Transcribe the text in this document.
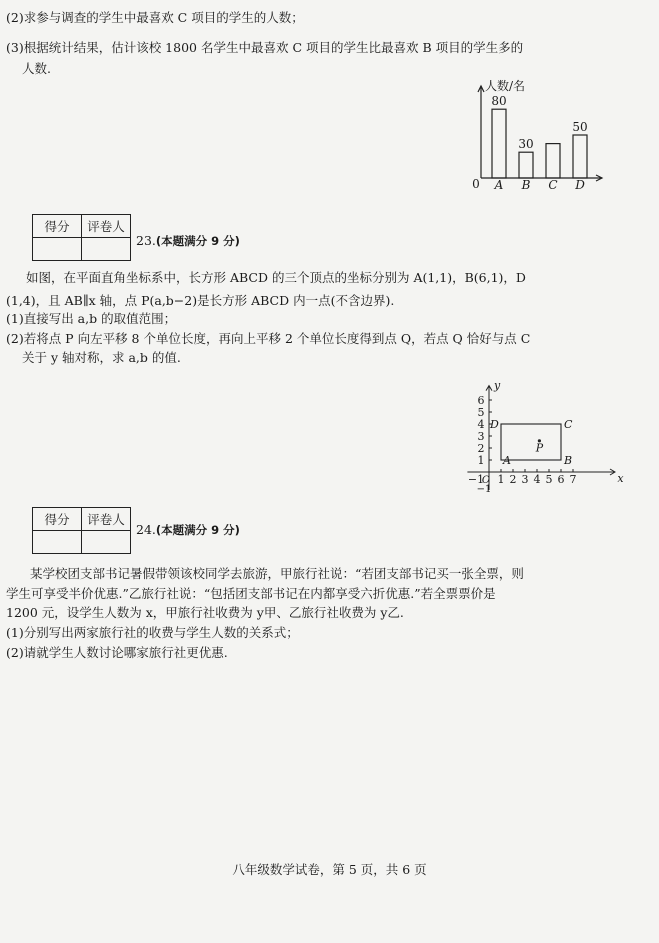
(2)求参与调查的学生中最喜欢 C 项目的学生的人数；
(3)根据统计结果，估计该校 1800 名学生中最喜欢 C 项目的学生比最喜欢 B 项目的学生多的
人数.
人数/名
0
80
A
30
B C
50
D
得分	评卷人

23.(本题满分 9 分)
如图，在平面直角坐标系中，长方形 ABCD 的三个顶点的坐标分别为 A(1,1)，B(6,1)，D
(1,4)，且 AB∥x 轴，点 P(a,b−2)是长方形 ABCD 内一点(不含边界).
(1)直接写出 a,b 的取值范围；
(2)若将点 P 向左平移 8 个单位长度，再向上平移 2 个单位长度得到点 Q，若点 Q 恰好与点 C
关于 y 轴对称，求 a,b 的值.
y
x
6
5
4
3
2
1
1 2 3 4 5 6 7
−1
O
−1
A	B
C
D
P
得分	评卷人

24.(本题满分 9 分)
某学校团支部书记暑假带领该校同学去旅游，甲旅行社说：“若团支部书记买一张全票，则
学生可享受半价优惠.”乙旅行社说：“包括团支部书记在内都享受六折优惠.”若全票票价是
1200 元，设学生人数为 x，甲旅行社收费为 y甲、乙旅行社收费为 y乙.
(1)分别写出两家旅行社的收费与学生人数的关系式；
(2)请就学生人数讨论哪家旅行社更优惠.
八年级数学试卷，第 5 页，共 6 页
